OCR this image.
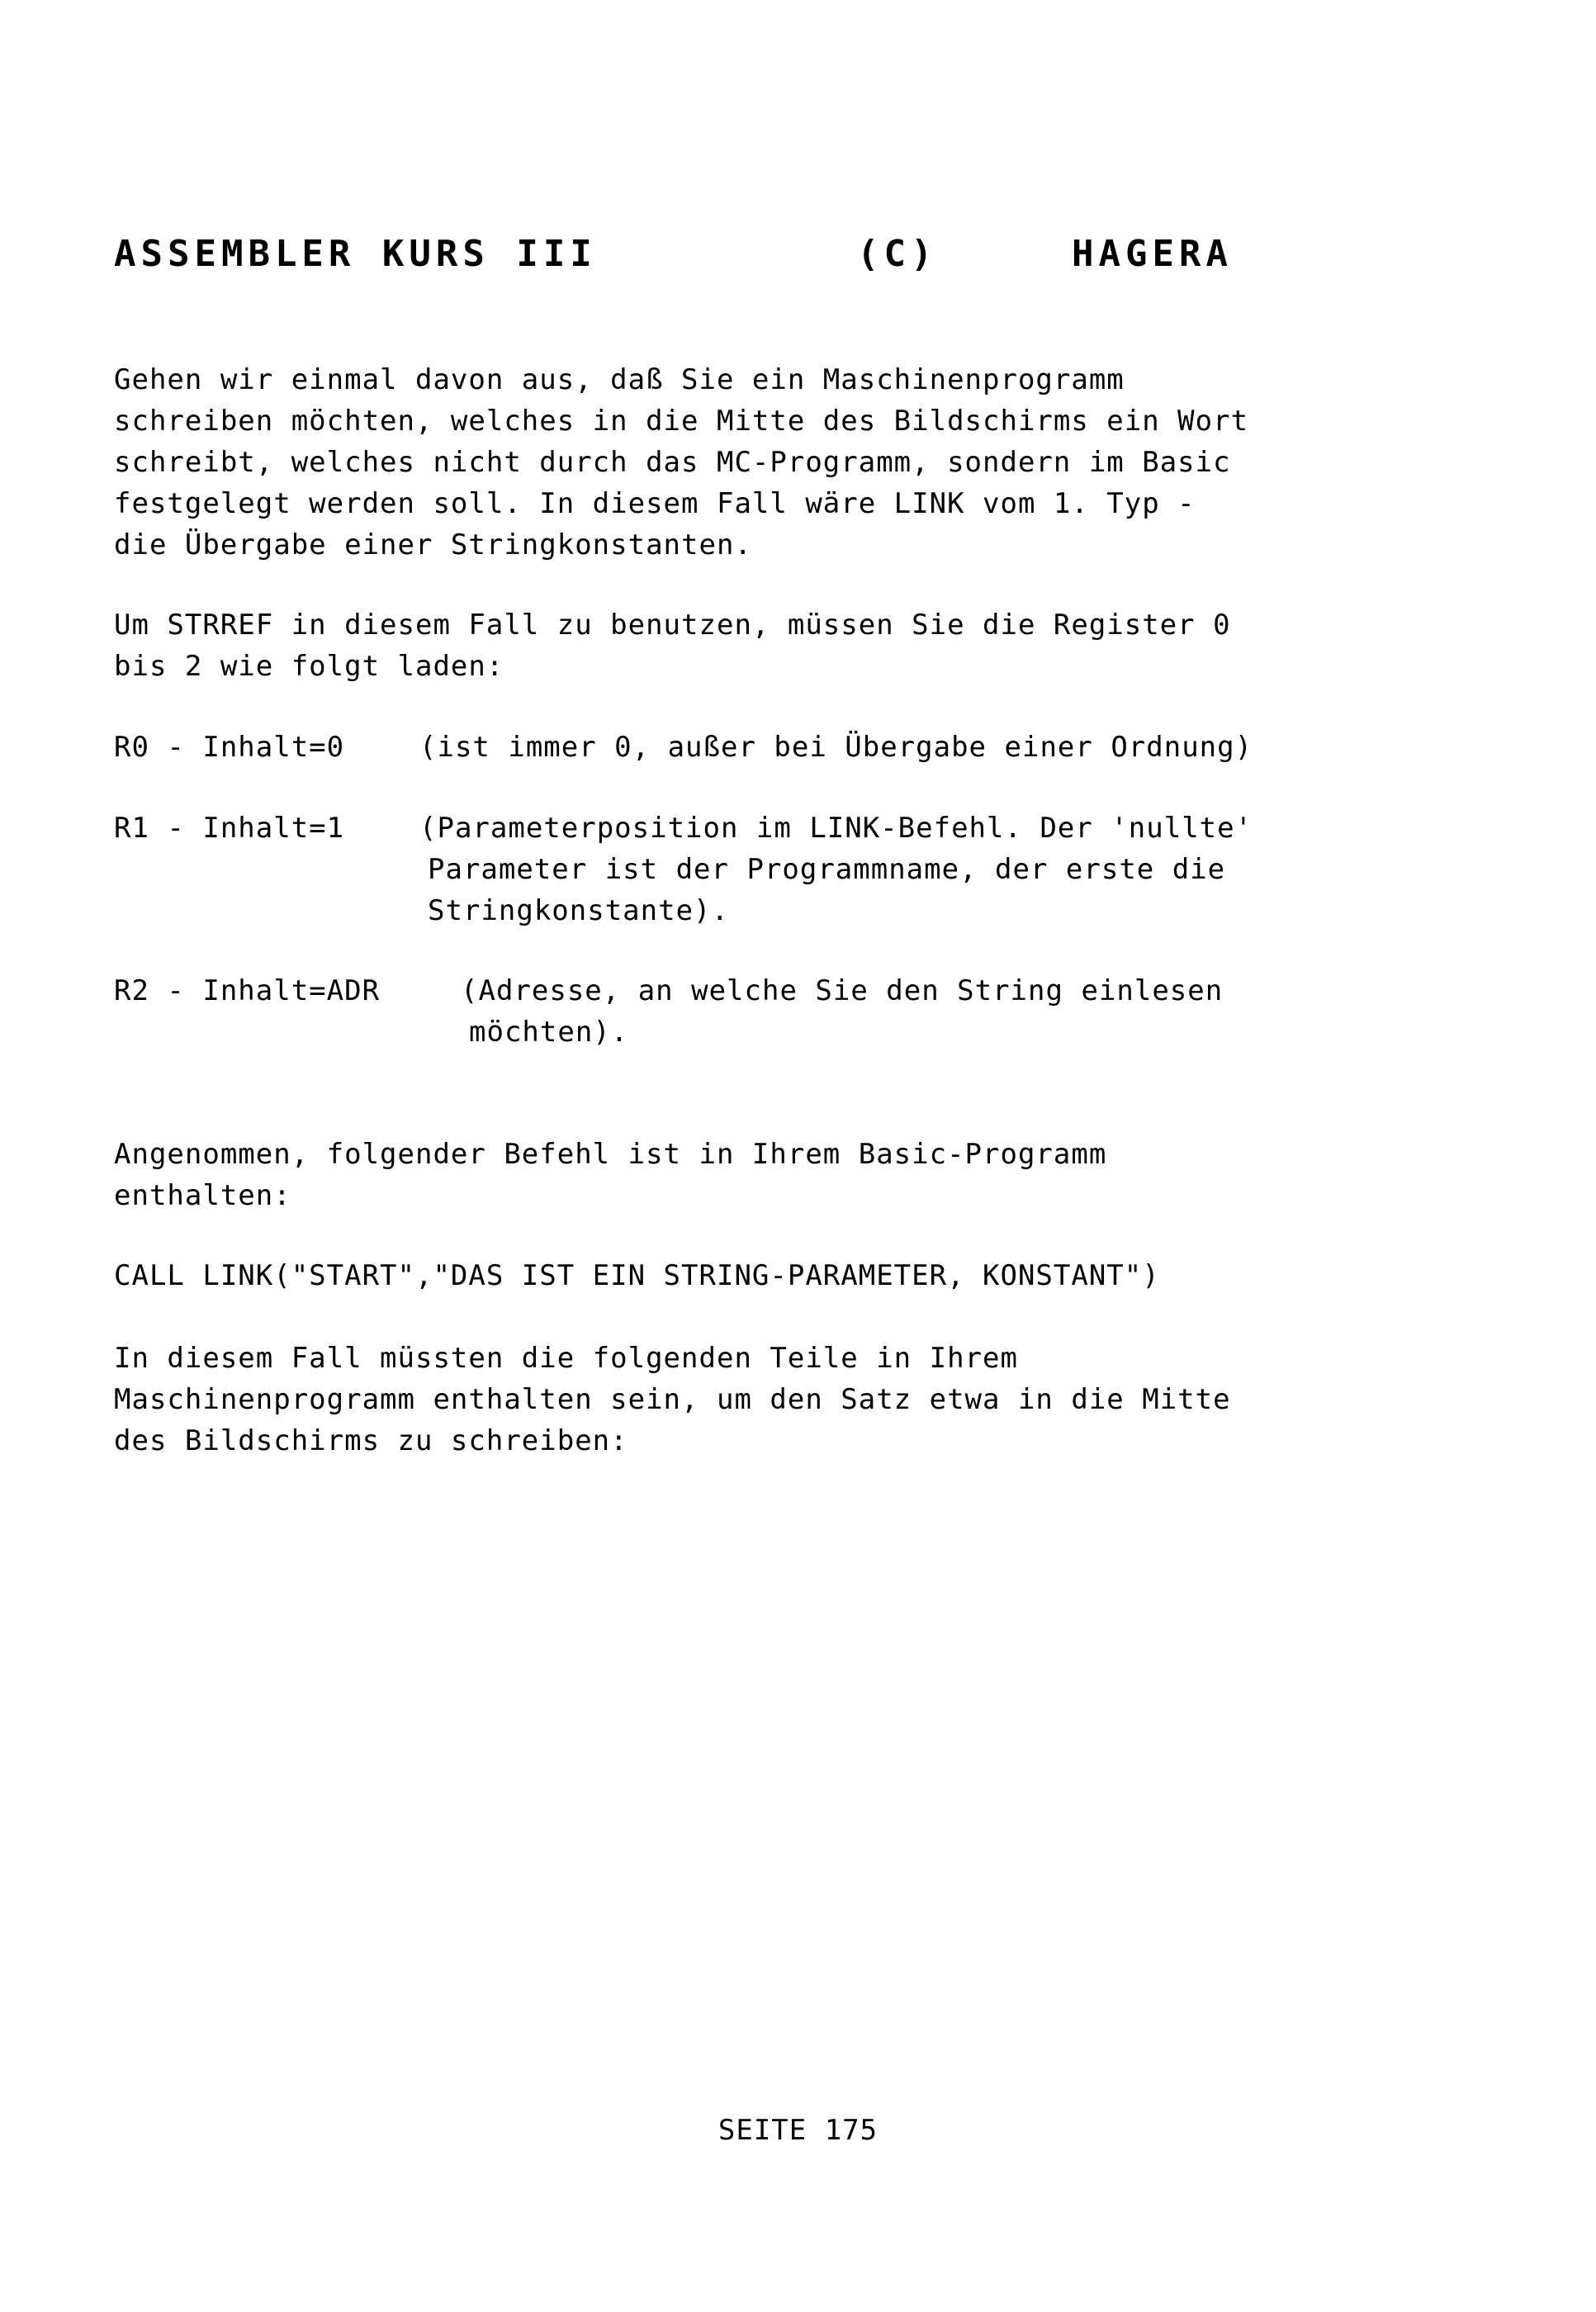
ASSEMBLER KURS III	(C)	HAGERA
Gehen wir einmal davon aus, daß Sie ein Maschinenprogramm
schreiben möchten, welches in die Mitte des Bildschirms ein Wort
schreibt, welches nicht durch das MC-Programm, sondern im Basic
festgelegt werden soll. In diesem Fall wäre LINK vom 1. Typ -
die Übergabe einer Stringkonstanten.
Um STRREF in diesem Fall zu benutzen, müssen Sie die Register 0
bis 2 wie folgt laden:
R0 - Inhalt=0	(ist immer 0, außer bei Übergabe einer Ordnung)
R1 - Inhalt=1	(Parameterposition im LINK-Befehl. Der 'nullte'
Parameter ist der Programmname, der erste die
Stringkonstante).
R2 - Inhalt=ADR	(Adresse, an welche Sie den String einlesen
möchten).
Angenommen, folgender Befehl ist in Ihrem Basic-Programm
enthalten:
CALL LINK("START","DAS IST EIN STRING-PARAMETER, KONSTANT")
In diesem Fall müssten die folgenden Teile in Ihrem
Maschinenprogramm enthalten sein, um den Satz etwa in die Mitte
des Bildschirms zu schreiben:
SEITE 175
